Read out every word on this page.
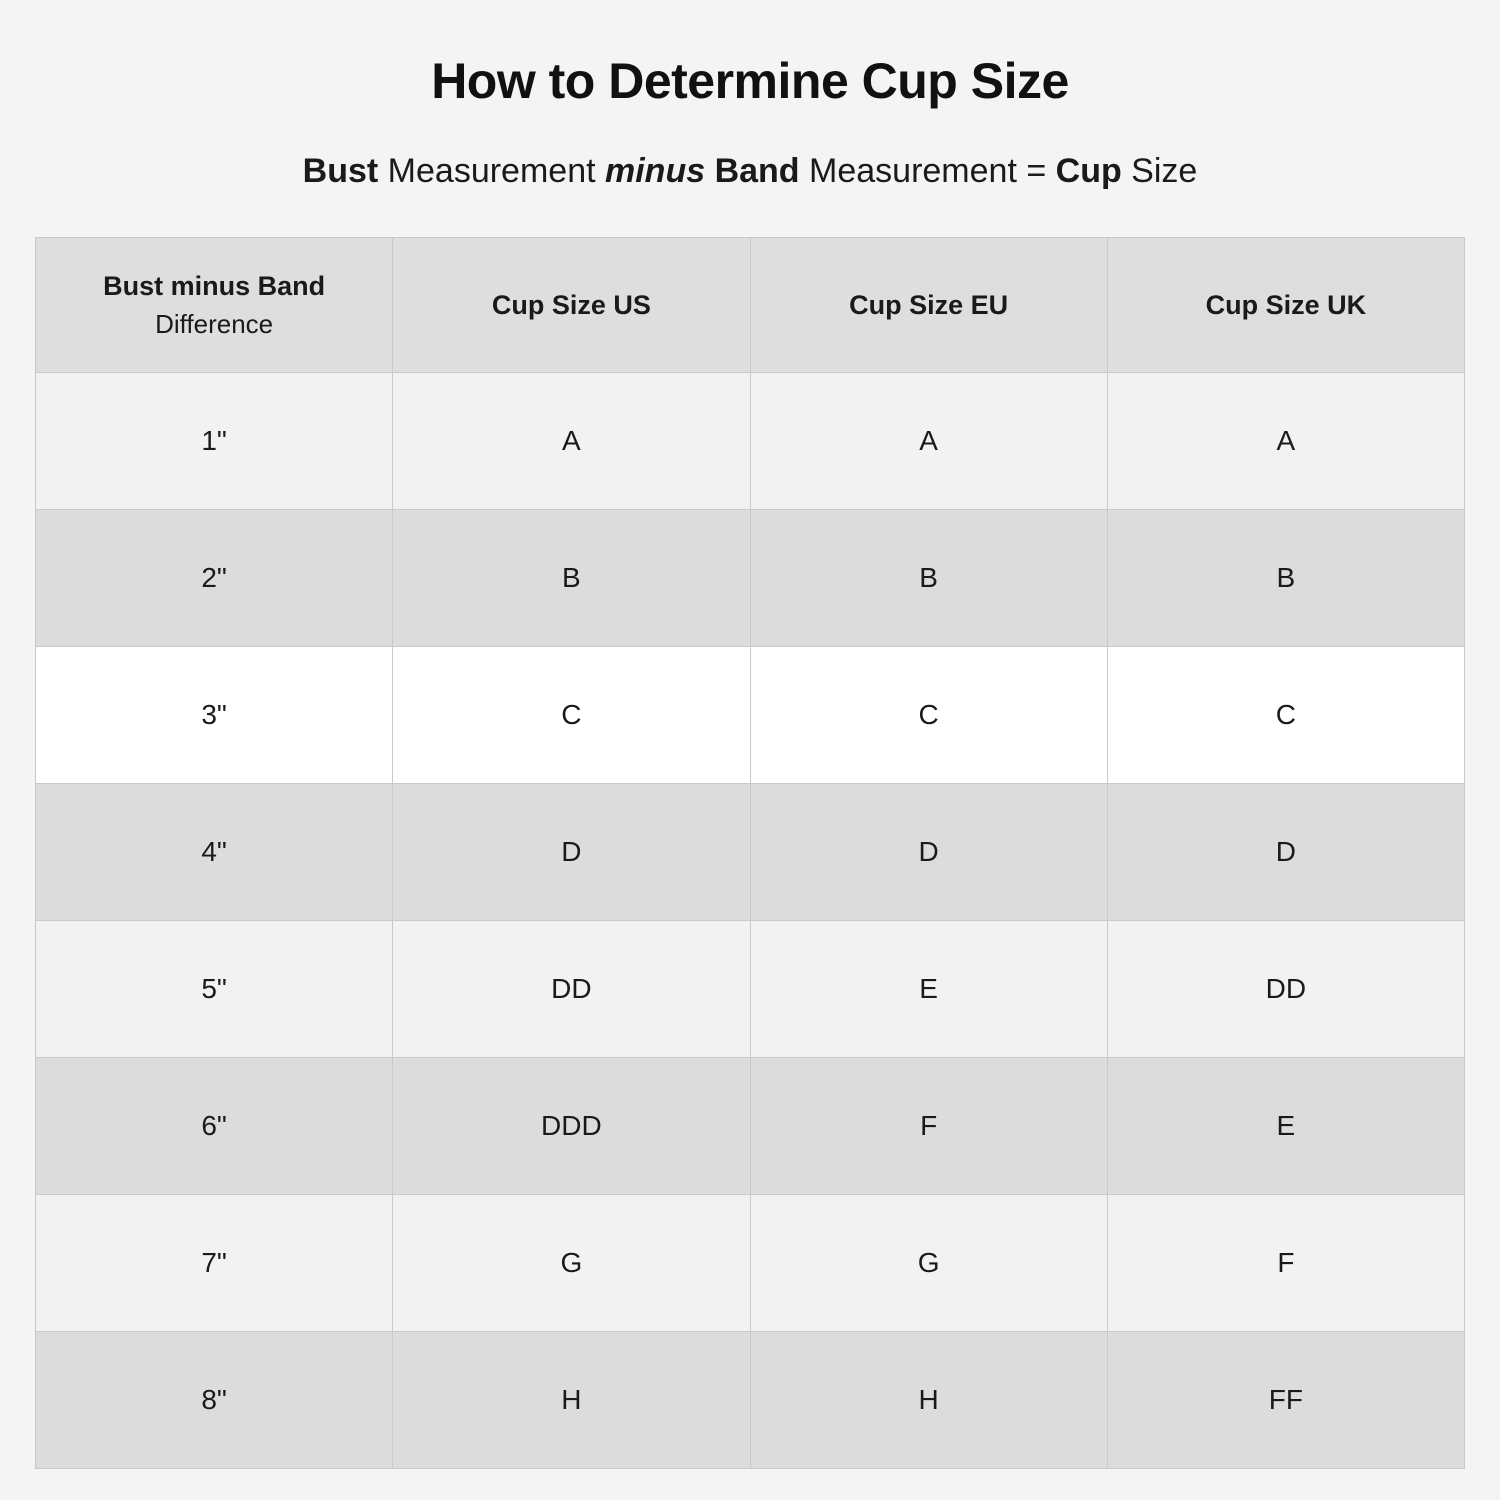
How to Determine Cup Size
Bust Measurement minus Band Measurement = Cup Size
Bust minus Band
Difference	Cup Size US	Cup Size EU	Cup Size UK
1"	A	A	A
2"	B	B	B
3"	C	C	C
4"	D	D	D
5"	DD	E	DD
6"	DDD	F	E
7"	G	G	F
8"	H	H	FF
